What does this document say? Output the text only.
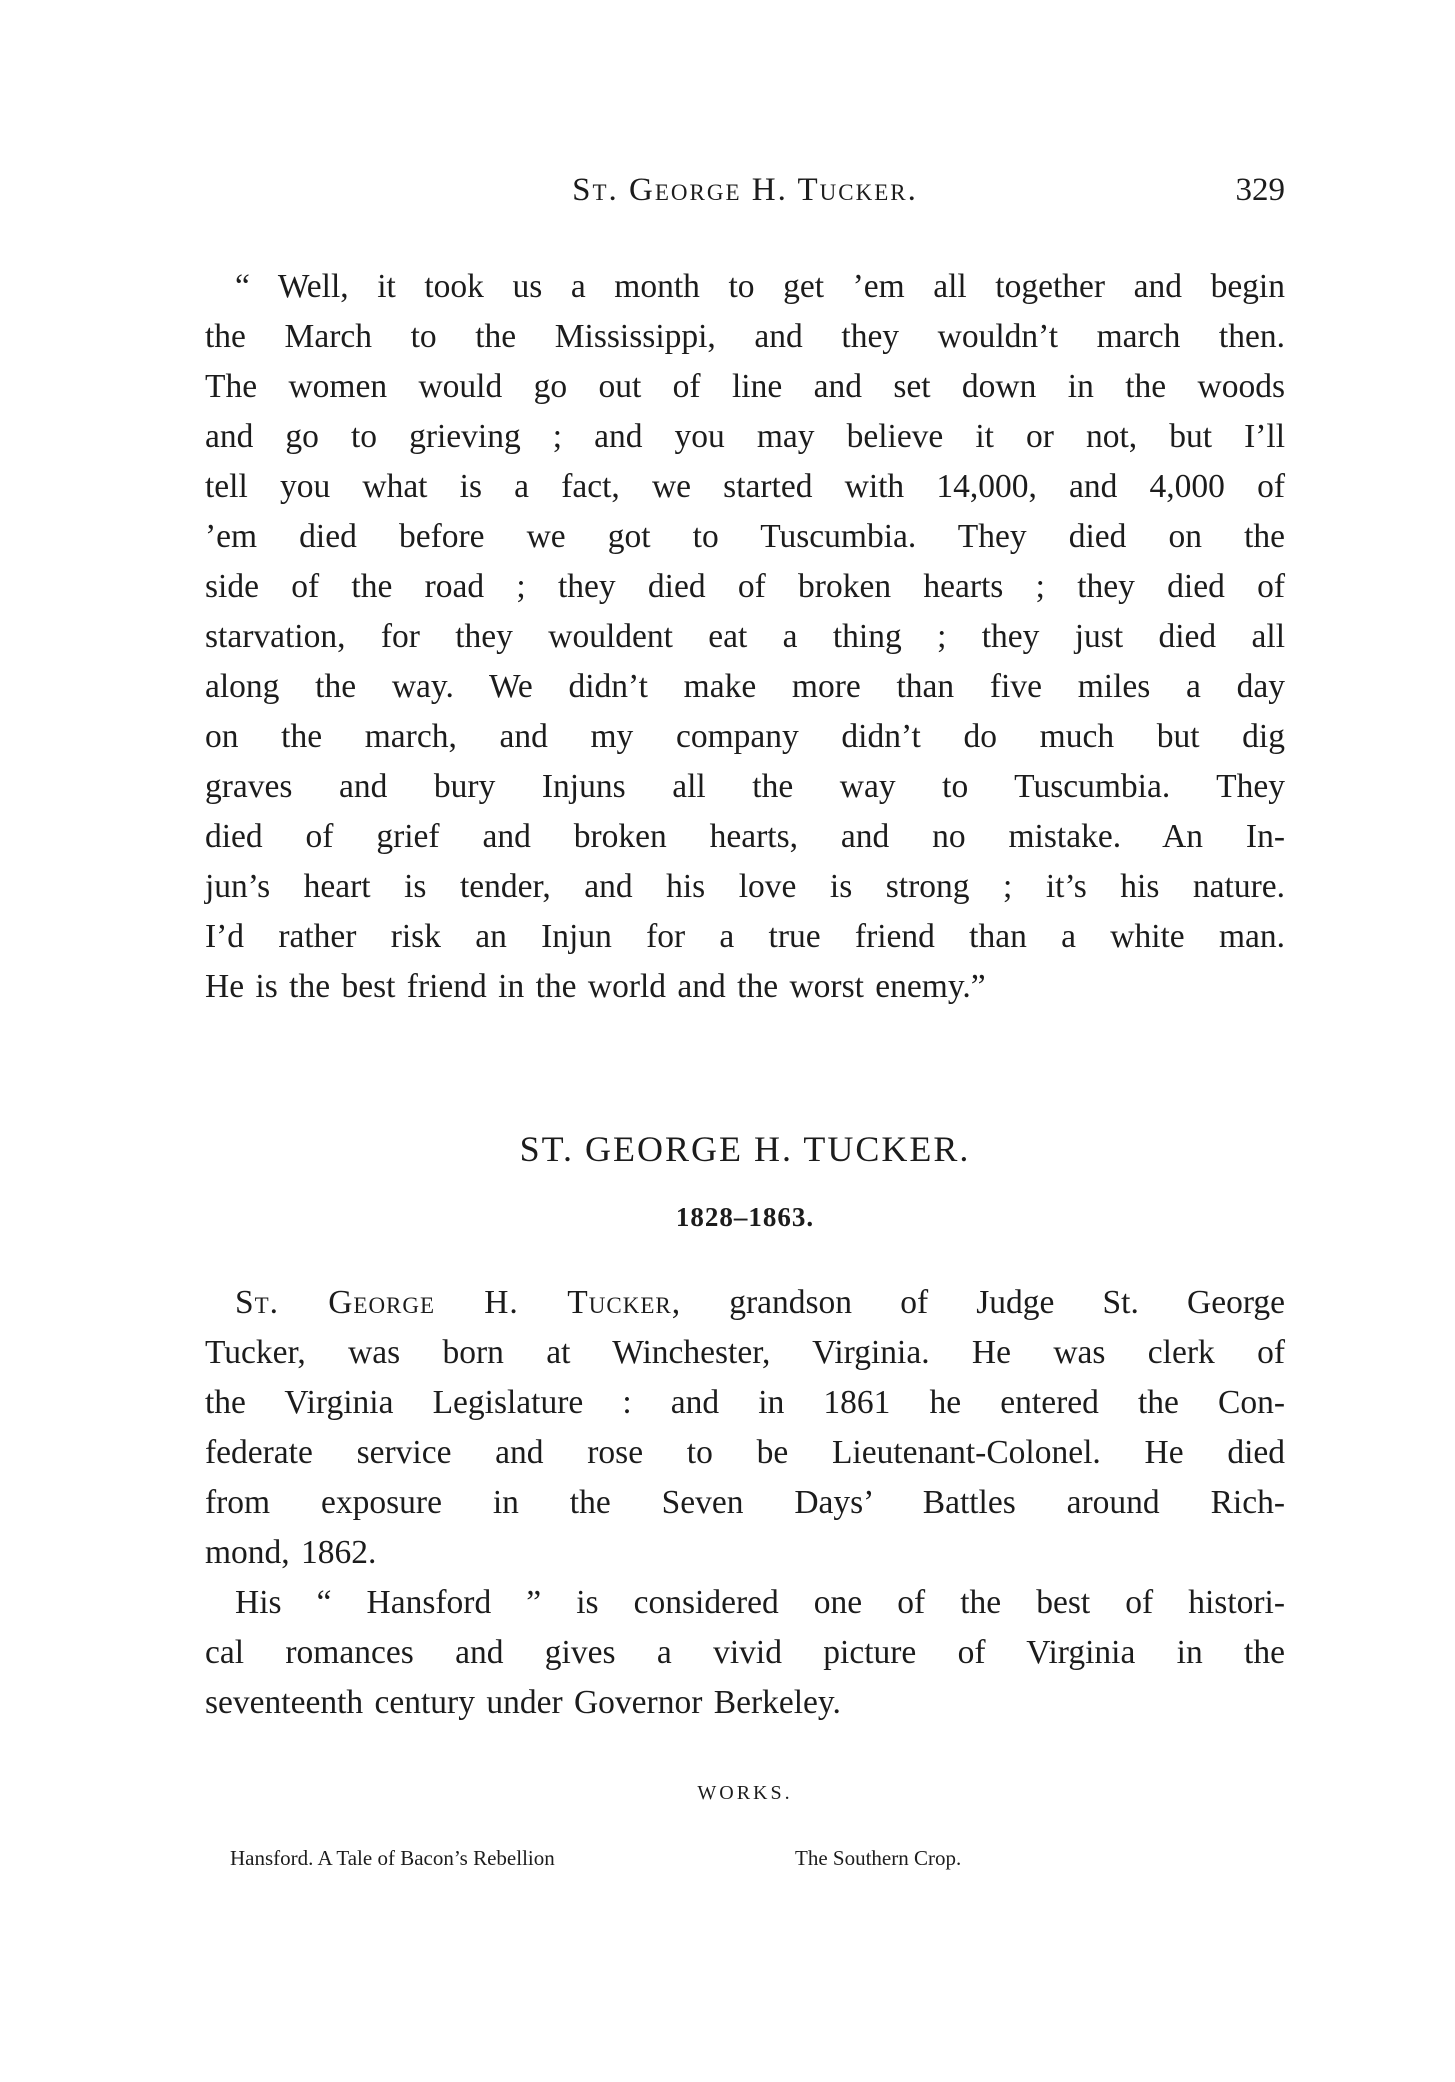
St. George H. Tucker.	329
“ Well, it took us a month to get ’em all together and begin
the March to the Mississippi, and they wouldn’t march then.
The women would go out of line and set down in the woods
and go to grieving ; and you may believe it or not, but I’ll
tell you what is a fact, we started with 14,000, and 4,000 of
’em died before we got to Tuscumbia. They died on the
side of the road ; they died of broken hearts ; they died of
starvation, for they wouldent eat a thing ; they just died all
along the way. We didn’t make more than five miles a day
on the march, and my company didn’t do much but dig
graves and bury Injuns all the way to Tuscumbia. They
died of grief and broken hearts, and no mistake. An In-
jun’s heart is tender, and his love is strong ; it’s his nature.
I’d rather risk an Injun for a true friend than a white man.
He is the best friend in the world and the worst enemy.”
ST. GEORGE H. TUCKER.
1828–1863.
St. George H. Tucker, grandson of Judge St. George
Tucker, was born at Winchester, Virginia. He was clerk of
the Virginia Legislature : and in 1861 he entered the Con-
federate service and rose to be Lieutenant-Colonel. He died
from exposure in the Seven Days’ Battles around Rich-
mond, 1862.
His “ Hansford ” is considered one of the best of histori-
cal romances and gives a vivid picture of Virginia in the
seventeenth century under Governor Berkeley.
WORKS.
Hansford. A Tale of Bacon’s Rebellion	The Southern Crop.
